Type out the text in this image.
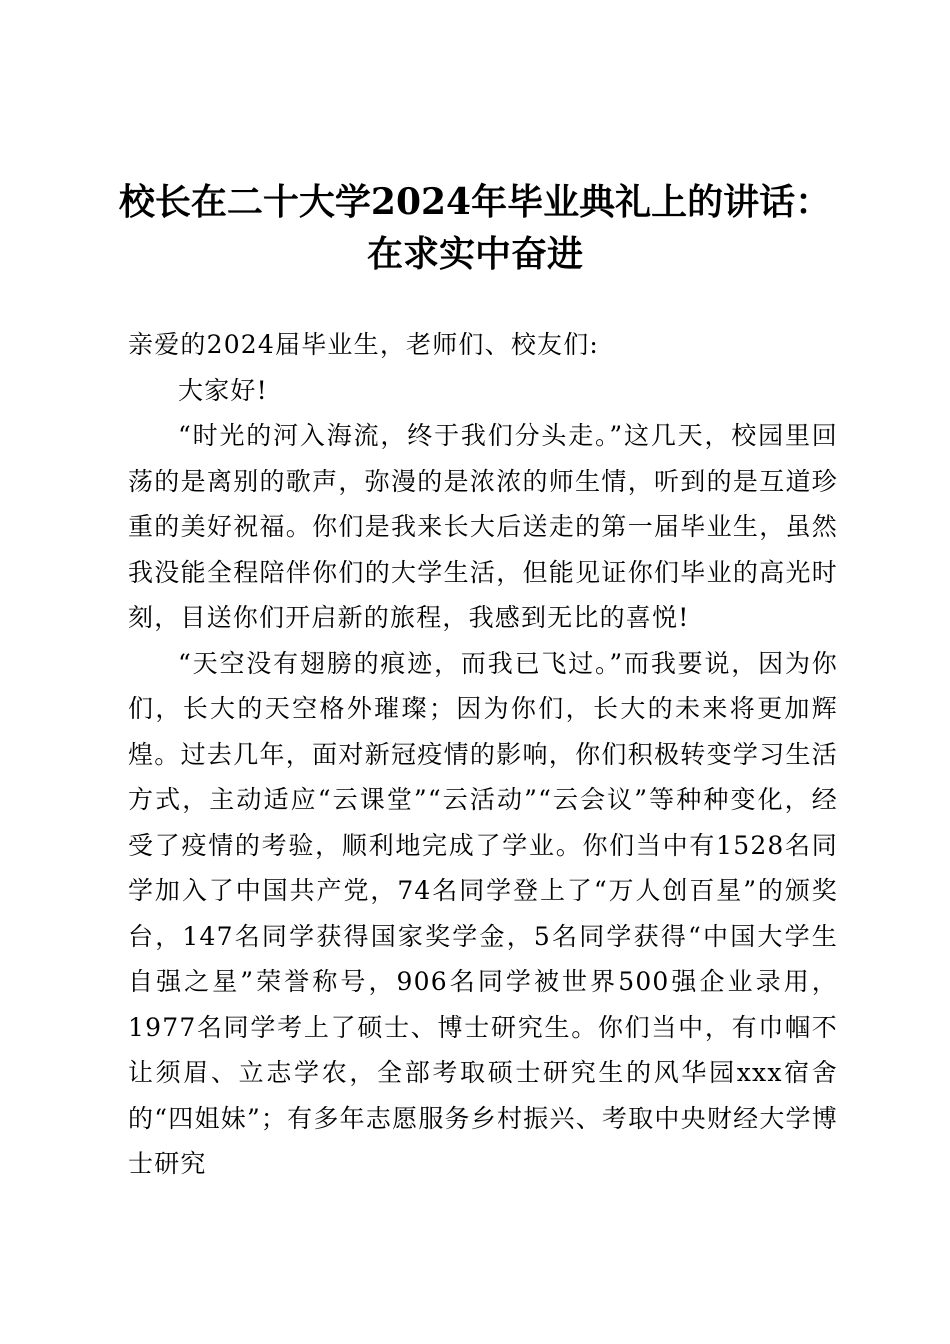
校长在二十大学2024年毕业典礼上的讲话：
在求实中奋进

亲爱的2024届毕业生，老师们、校友们:

大家好!

“时光的河入海流，终于我们分头走。”这几天，校园里回荡的是离别的歌声，弥漫的是浓浓的师生情，听到的是互道珍重的美好祝福。你们是我来长大后送走的第一届毕业生，虽然我没能全程陪伴你们的大学生活，但能见证你们毕业的高光时刻，目送你们开启新的旅程，我感到无比的喜悦!

“天空没有翅膀的痕迹，而我已飞过。”而我要说，因为你们，长大的天空格外璀璨；因为你们，长大的未来将更加辉煌。过去几年，面对新冠疫情的影响，你们积极转变学习生活方式，主动适应“云课堂”“云活动”“云会议”等种种变化，经受了疫情的考验，顺利地完成了学业。你们当中有1528名同学加入了中国共产党，74名同学登上了“万人创百星”的颁奖台，147名同学获得国家奖学金，5名同学获得“中国大学生自强之星”荣誉称号，906名同学被世界500强企业录用，1977名同学考上了硕士、博士研究生。你们当中，有巾帼不让须眉、立志学农，全部考取硕士研究生的风华园xxx宿舍的“四姐妹”；有多年志愿服务乡村振兴、考取中央财经大学博士研究
